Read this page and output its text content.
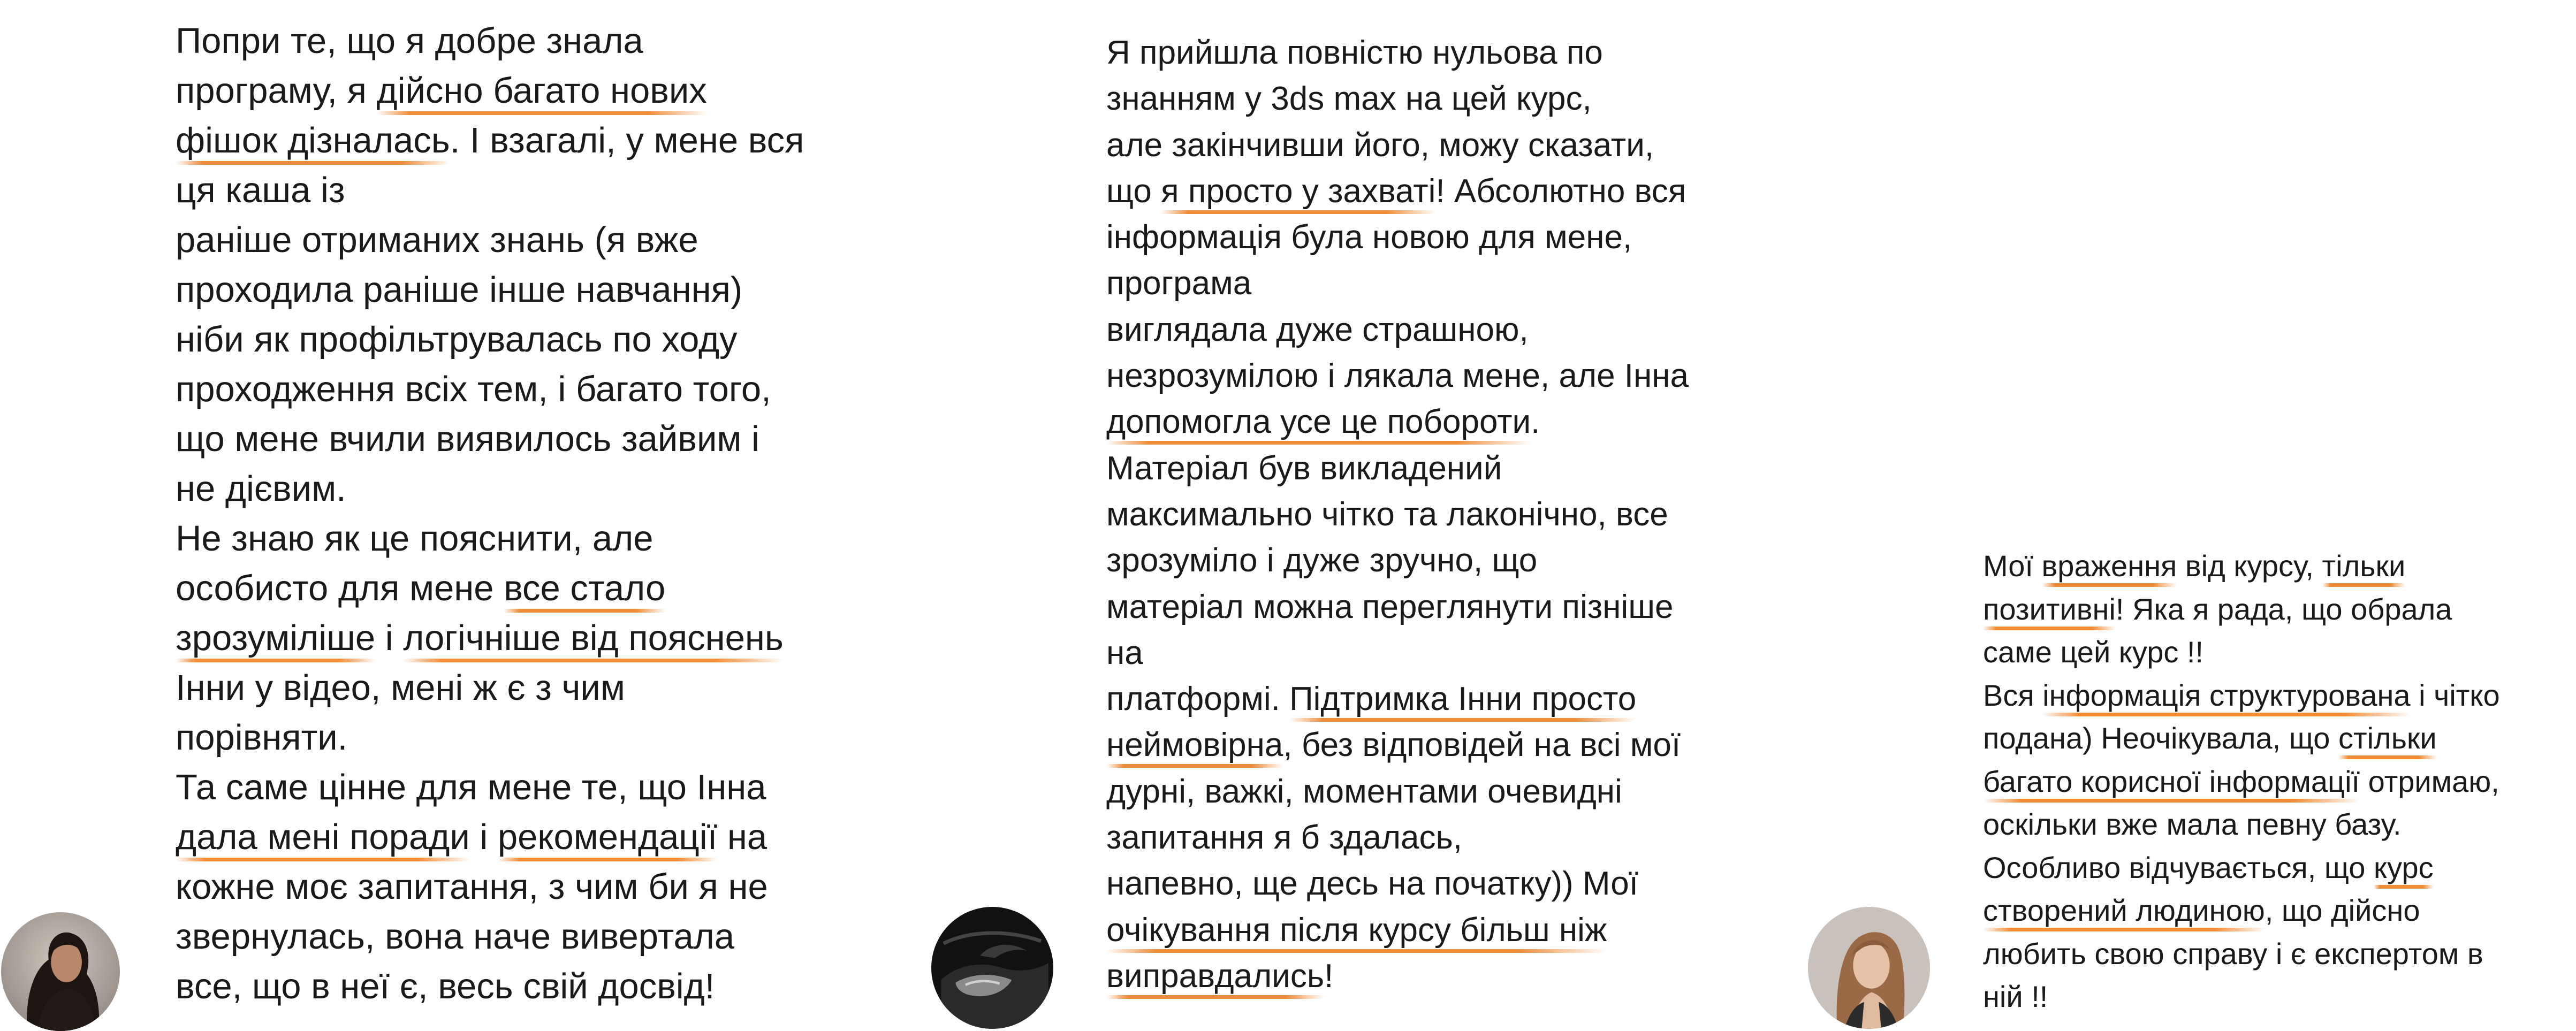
Попри те, що я добре знала
програму, я дійсно багато нових
фішок дізналась. І взагалі, у мене вся
ця каша із
раніше отриманих знань (я вже
проходила раніше інше навчання)
ніби як профільтрувалась по ходу
проходження всіх тем, і багато того,
що мене вчили виявилось зайвим і
не дієвим.
Не знаю як це пояснити, але
особисто для мене все стало
зрозуміліше і логічніше від пояснень
Інни у відео, мені ж є з чим
порівняти.
Та саме цінне для мене те, що Інна
дала мені поради і рекомендації на
кожне моє запитання, з чим би я не
звернулась, вона наче вивертала
все, що в неї є, весь свій досвід!
Я прийшла повністю нульова по
знанням у 3ds max на цей курс,
але закінчивши його, можу сказати,
що я просто у захваті! Абсолютно вся
інформація була новою для мене,
програма
виглядала дуже страшною,
незрозумілою і лякала мене, але Інна
допомогла усе це побороти.
Матеріал був викладений
максимально чітко та лаконічно, все
зрозуміло і дуже зручно, що
матеріал можна переглянути пізніше
на
платформі. Підтримка Інни просто
неймовірна, без відповідей на всі мої
дурні, важкі, моментами очевидні
запитання я б здалась,
напевно, ще десь на початку)) Мої
очікування після курсу більш ніж
виправдались!
Мої враження від курсу, тільки
позитивні! Яка я рада, що обрала
саме цей курс !!
Вся інформація структурована і чітко
подана) Неочікувала, що стільки
багато корисної інформації отримаю,
оскільки вже мала певну базу.
Особливо відчувається, що курс
створений людиною, що дійсно
любить свою справу і є експертом в
ній !!
